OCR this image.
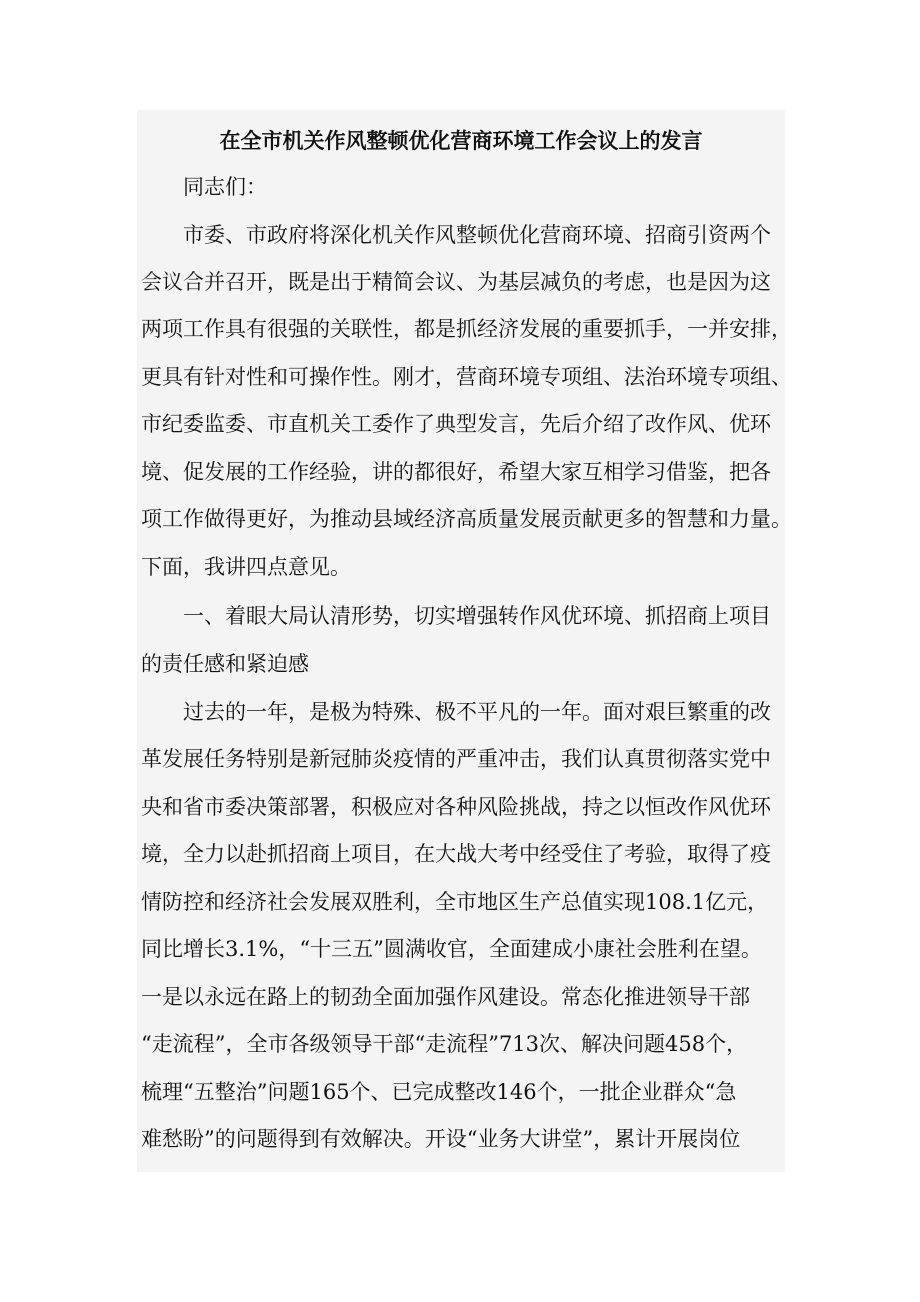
在全市机关作风整顿优化营商环境工作会议上的发言
同志们：
市委、市政府将深化机关作风整顿优化营商环境、招商引资两个
会议合并召开，既是出于精简会议、为基层减负的考虑，也是因为这
两项工作具有很强的关联性，都是抓经济发展的重要抓手，一并安排，
更具有针对性和可操作性。刚才，营商环境专项组、法治环境专项组、
市纪委监委、市直机关工委作了典型发言，先后介绍了改作风、优环
境、促发展的工作经验，讲的都很好，希望大家互相学习借鉴，把各
项工作做得更好，为推动县域经济高质量发展贡献更多的智慧和力量。
下面，我讲四点意见。
一、着眼大局认清形势，切实增强转作风优环境、抓招商上项目
的责任感和紧迫感
过去的一年，是极为特殊、极不平凡的一年。面对艰巨繁重的改
革发展任务特别是新冠肺炎疫情的严重冲击，我们认真贯彻落实党中
央和省市委决策部署，积极应对各种风险挑战，持之以恒改作风优环
境，全力以赴抓招商上项目，在大战大考中经受住了考验，取得了疫
情防控和经济社会发展双胜利，全市地区生产总值实现108.1亿元，
同比增长3.1%，“十三五”圆满收官，全面建成小康社会胜利在望。
一是以永远在路上的韧劲全面加强作风建设。常态化推进领导干部
“走流程”，全市各级领导干部“走流程”713次、解决问题458个，
梳理“五整治”问题165个、已完成整改146个，一批企业群众“急
难愁盼”的问题得到有效解决。开设“业务大讲堂”，累计开展岗位
